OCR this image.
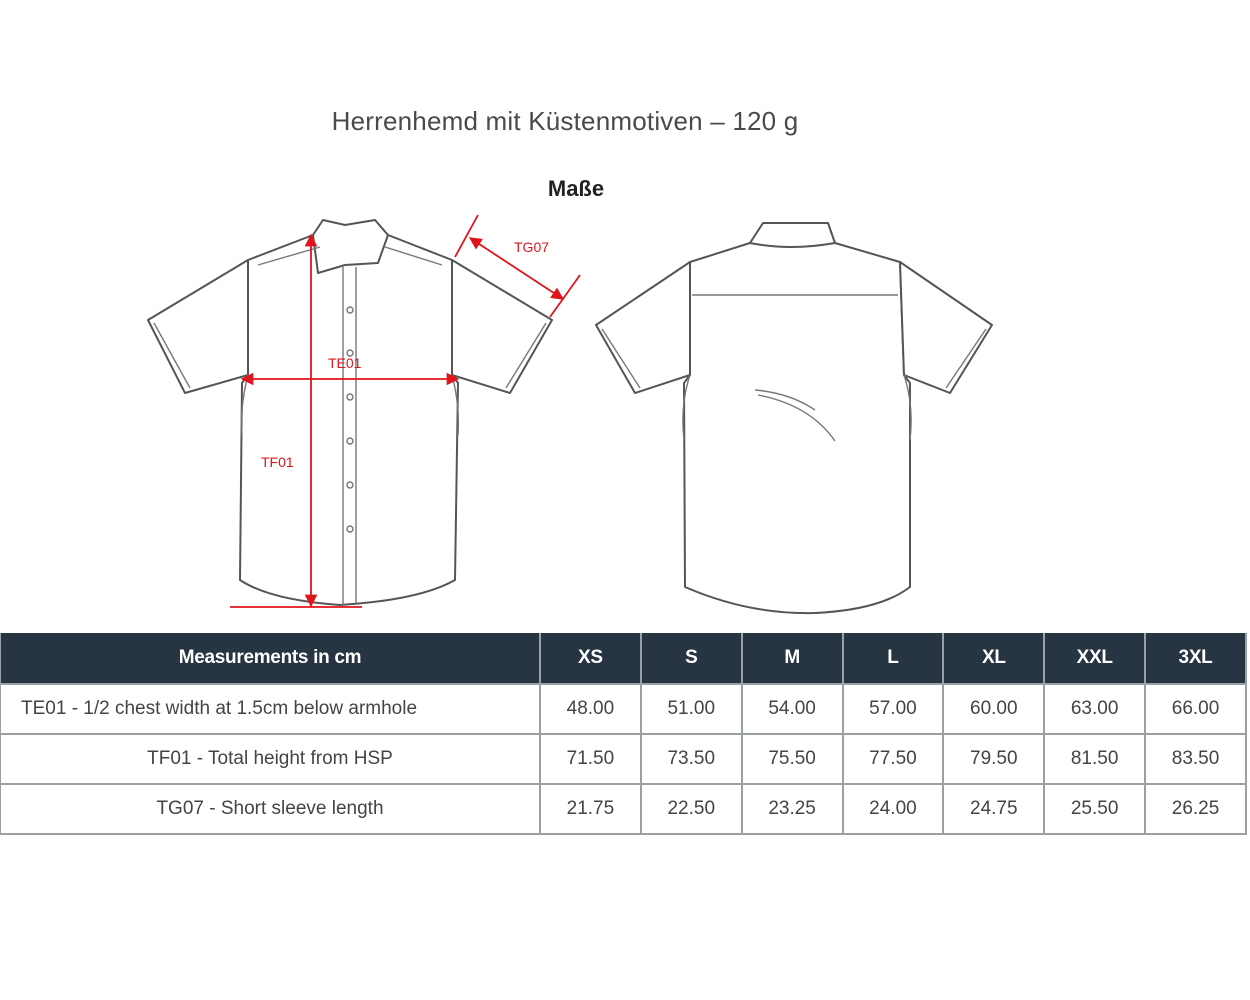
Herrenhemd mit Küstenmotiven – 120 g
Maße
TE01
TF01
TG07
Measurements in cm	XS	S	M	L	XL	XXL	3XL
TE01 - 1/2 chest width at 1.5cm below armhole	48.00	51.00	54.00	57.00	60.00	63.00	66.00
TF01 - Total height from HSP	71.50	73.50	75.50	77.50	79.50	81.50	83.50
TG07 - Short sleeve length	21.75	22.50	23.25	24.00	24.75	25.50	26.25
